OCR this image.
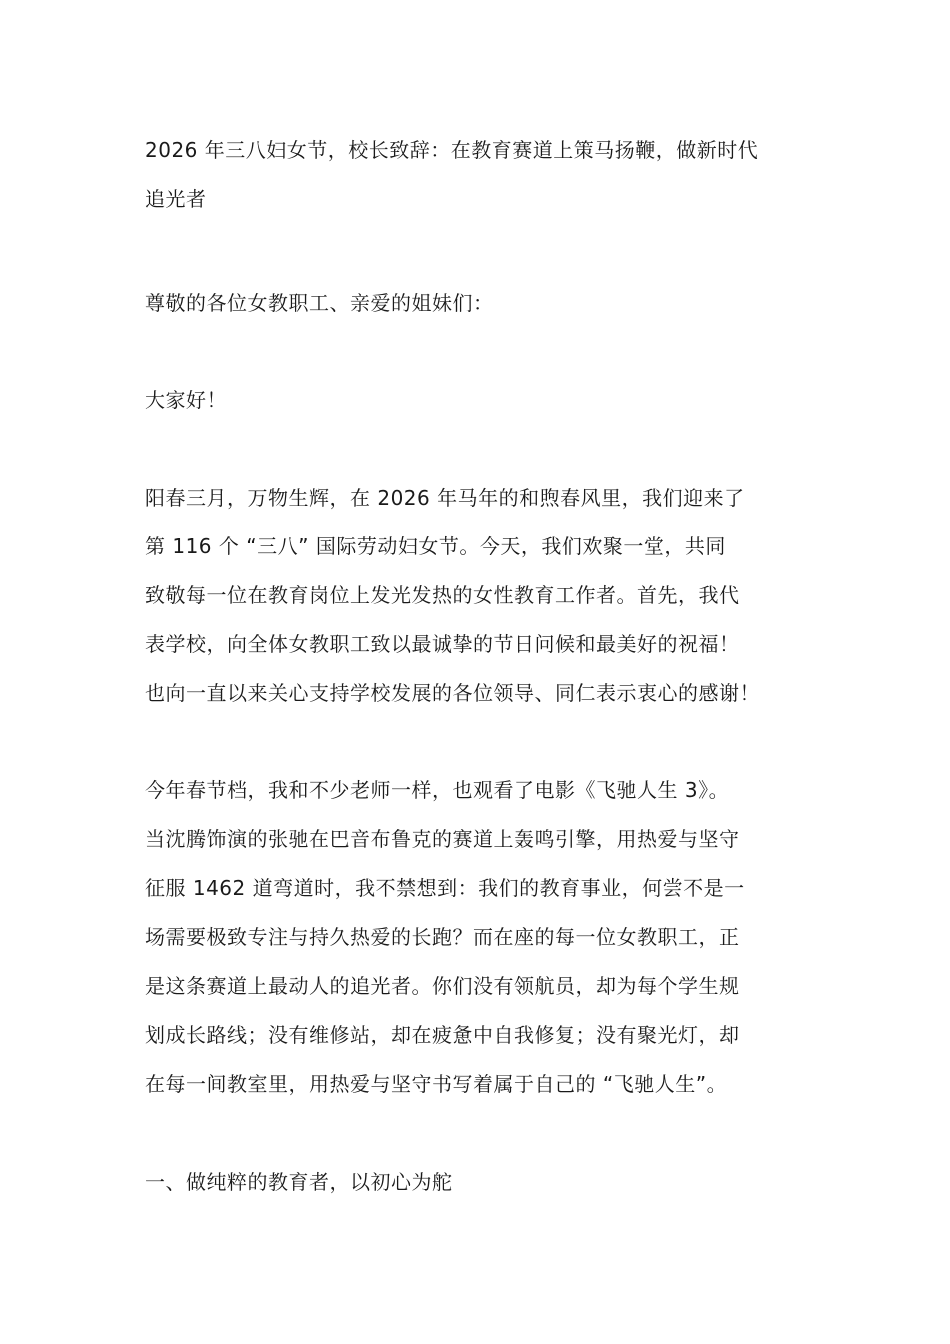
2026 年三八妇女节，校长致辞：在教育赛道上策马扬鞭，做新时代
追光者
尊敬的各位女教职工、亲爱的姐妹们：
大家好！
阳春三月，万物生辉，在 2026 年马年的和煦春风里，我们迎来了
第 116 个 “三八” 国际劳动妇女节。今天，我们欢聚一堂，共同
致敬每一位在教育岗位上发光发热的女性教育工作者。首先，我代
表学校，向全体女教职工致以最诚挚的节日问候和最美好的祝福！
也向一直以来关心支持学校发展的各位领导、同仁表示衷心的感谢！
今年春节档，我和不少老师一样，也观看了电影《飞驰人生 3》。
当沈腾饰演的张驰在巴音布鲁克的赛道上轰鸣引擎，用热爱与坚守
征服 1462 道弯道时，我不禁想到：我们的教育事业，何尝不是一
场需要极致专注与持久热爱的长跑？而在座的每一位女教职工，正
是这条赛道上最动人的追光者。你们没有领航员，却为每个学生规
划成长路线；没有维修站，却在疲惫中自我修复；没有聚光灯，却
在每一间教室里，用热爱与坚守书写着属于自己的 “飞驰人生”。
一、做纯粹的教育者，以初心为舵
